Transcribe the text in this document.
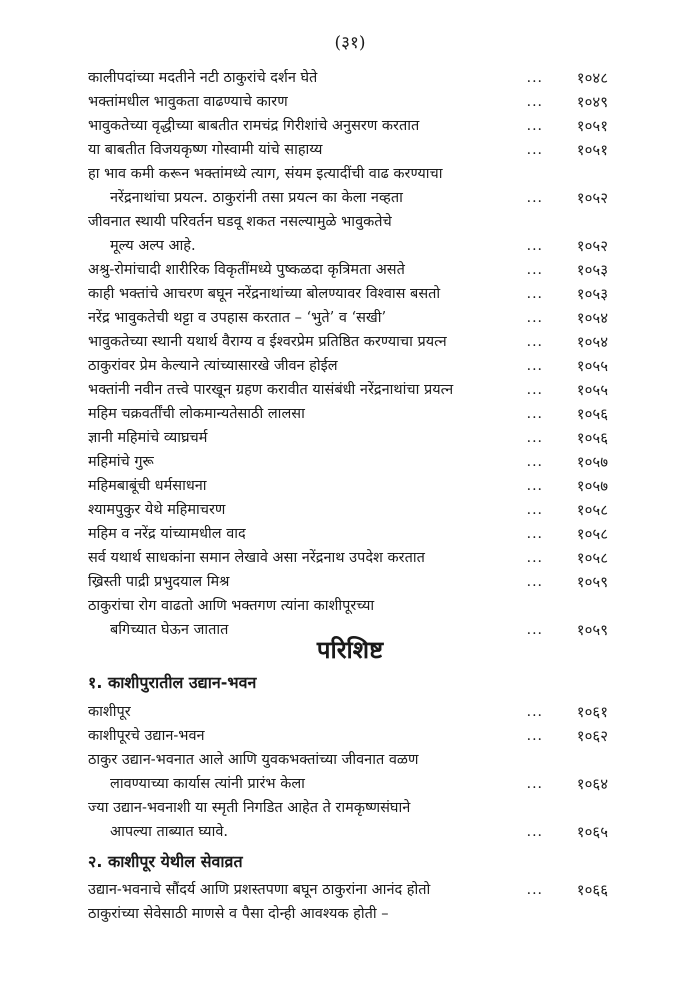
(३१)
कालीपदांच्या मदतीने नटी ठाकुरांचे दर्शन घेते	... १०४८
भक्तांमधील भावुकता वाढण्याचे कारण	... १०४९
भावुकतेच्या वृद्धीच्या बाबतीत रामचंद्र गिरीशांचे अनुसरण करतात	... १०५१
या बाबतीत विजयकृष्ण गोस्वामी यांचे साहाय्य	... १०५१
हा भाव कमी करून भक्तांमध्ये त्याग, संयम इत्यादींची वाढ करण्याचा
नरेंद्रनाथांचा प्रयत्न. ठाकुरांनी तसा प्रयत्न का केला नव्हता	... १०५२
जीवनात स्थायी परिवर्तन घडवू शकत नसल्यामुळे भावुकतेचे
मूल्य अल्प आहे.	... १०५२
अश्रु-रोमांचादी शारीरिक विकृतींमध्ये पुष्कळदा कृत्रिमता असते	... १०५३
काही भक्तांचे आचरण बघून नरेंद्रनाथांच्या बोलण्यावर विश्वास बसतो	... १०५३
नरेंद्र भावुकतेची थट्टा व उपहास करतात – ‘भुते’ व ‘सखी’	... १०५४
भावुकतेच्या स्थानी यथार्थ वैराग्य व ईश्वरप्रेम प्रतिष्ठित करण्याचा प्रयत्न	... १०५४
ठाकुरांवर प्रेम केल्याने त्यांच्यासारखे जीवन होईल	... १०५५
भक्तांनी नवीन तत्त्वे पारखून ग्रहण करावीत यासंबंधी नरेंद्रनाथांचा प्रयत्न	... १०५५
महिम चक्रवर्तींची लोकमान्यतेसाठी लालसा	... १०५६
ज्ञानी महिमांचे व्याघ्रचर्म	... १०५६
महिमांचे गुरू	... १०५७
महिमबाबूंची धर्मसाधना	... १०५७
श्यामपुकुर येथे महिमाचरण	... १०५८
महिम व नरेंद्र यांच्यामधील वाद	... १०५८
सर्व यथार्थ साधकांना समान लेखावे असा नरेंद्रनाथ उपदेश करतात	... १०५८
ख्रिस्ती पाद्री प्रभुदयाल मिश्र	... १०५९
ठाकुरांचा रोग वाढतो आणि भक्तगण त्यांना काशीपूरच्या
बगिच्यात घेऊन जातात	... १०५९
परिशिष्ट
१. काशीपुरातील उद्यान-भवन
काशीपूर	... १०६१
काशीपूरचे उद्यान-भवन	... १०६२
ठाकुर उद्यान-भवनात आले आणि युवकभक्तांच्या जीवनात वळण
लावण्याच्या कार्यास त्यांनी प्रारंभ केला	... १०६४
ज्या उद्यान-भवनाशी या स्मृती निगडित आहेत ते रामकृष्णसंघाने
आपल्या ताब्यात घ्यावे.	... १०६५
२. काशीपूर येथील सेवाव्रत
उद्यान-भवनाचे सौंदर्य आणि प्रशस्तपणा बघून ठाकुरांना आनंद होतो	... १०६६
ठाकुरांच्या सेवेसाठी माणसे व पैसा दोन्ही आवश्यक होती –
